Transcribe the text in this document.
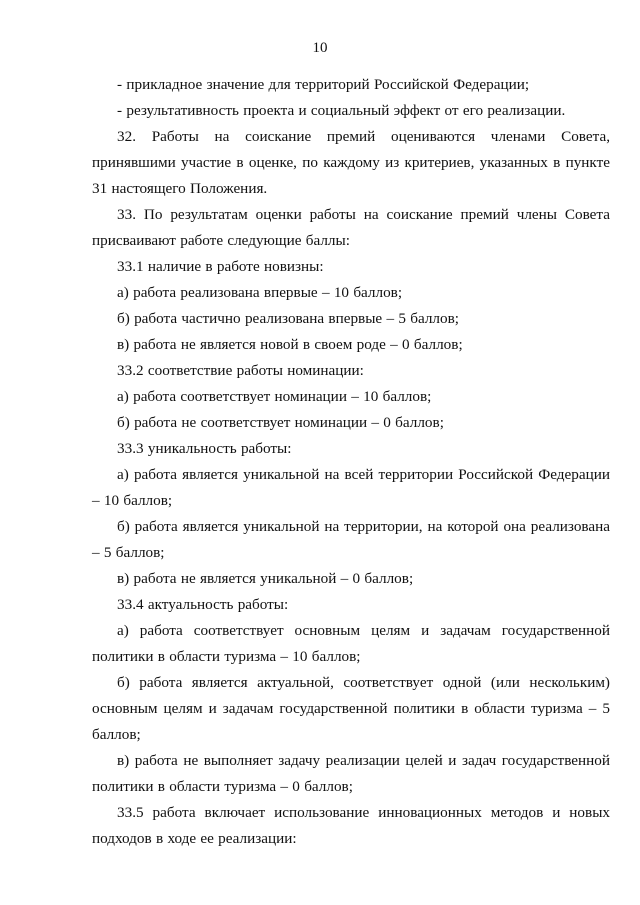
10

- прикладное значение для территорий Российской Федерации;

- результативность проекта и социальный эффект от его реализации.

32. Работы на соискание премий оцениваются членами Совета, принявшими участие в оценке, по каждому из критериев, указанных в пункте 31 настоящего Положения.

33. По результатам оценки работы на соискание премий члены Совета присваивают работе следующие баллы:

33.1 наличие в работе новизны:

а) работа реализована впервые – 10 баллов;

б) работа частично реализована впервые – 5 баллов;

в) работа не является новой в своем роде – 0 баллов;

33.2 соответствие работы номинации:

а) работа соответствует номинации – 10 баллов;

б) работа не соответствует номинации – 0 баллов;

33.3 уникальность работы:

а) работа является уникальной на всей территории Российской Федерации – 10 баллов;

б) работа является уникальной на территории, на которой она реализована – 5 баллов;

в) работа не является уникальной – 0 баллов;

33.4 актуальность работы:

а) работа соответствует основным целям и задачам государственной политики в области туризма – 10 баллов;

б) работа является актуальной, соответствует одной (или нескольким) основным целям и задачам государственной политики в области туризма – 5 баллов;

в) работа не выполняет задачу реализации целей и задач государственной политики в области туризма – 0 баллов;

33.5 работа включает использование инновационных методов и новых подходов в ходе ее реализации:
